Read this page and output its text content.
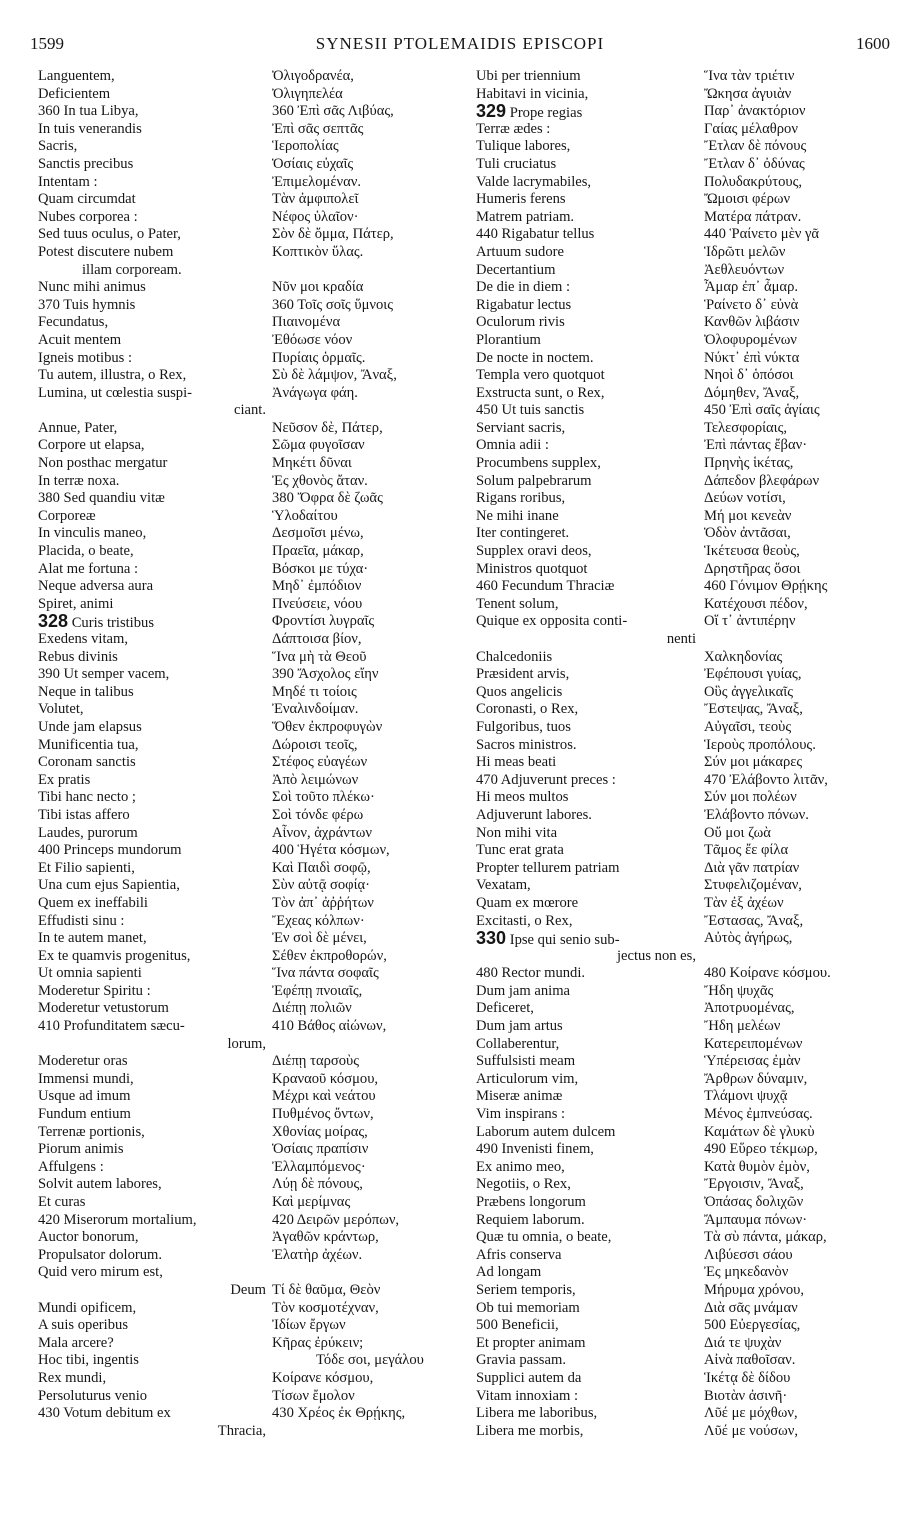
1599	SYNESII PTOLEMAIDIS EPISCOPI	1600
Languentem,
Deficientem
360 In tua Libya,
In tuis venerandis
Sacris,
Sanctis precibus
Intentam :
Quam circumdat
Nubes corporea :
Sed tuus oculus, o Pater,
Potest discutere nubem
illam corpoream.
Nunc mihi animus
370 Tuis hymnis
Fecundatus,
Acuit mentem
Igneis motibus :
Tu autem, illustra, o Rex,
Lumina, ut cœlestia suspi-
ciant.
Annue, Pater,
Corpore ut elapsa,
Non posthac mergatur
In terræ noxa.
380 Sed quandiu vitæ
Corporeæ
In vinculis maneo,
Placida, o beate,
Alat me fortuna :
Neque adversa aura
Spiret, animi
328 Curis tristibus
Exedens vitam,
Rebus divinis
390 Ut semper vacem,
Neque in talibus
Volutet,
Unde jam elapsus
Munificentia tua,
Coronam sanctis
Ex pratis
Tibi hanc necto ;
Tibi istas affero
Laudes, purorum
400 Princeps mundorum
Et Filio sapienti,
Una cum ejus Sapientia,
Quem ex ineffabili
Effudisti sinu :
In te autem manet,
Ex te quamvis progenitus,
Ut omnia sapienti
Moderetur Spiritu :
Moderetur vetustorum
410 Profunditatem sæcu-
lorum,
Moderetur oras
Immensi mundi,
Usque ad imum
Fundum entium
Terrenæ portionis,
Piorum animis
Affulgens :
Solvit autem labores,
Et curas
420 Miserorum mortalium,
Auctor bonorum,
Propulsator dolorum.
Quid vero mirum est,
Deum
Mundi opificem,
A suis operibus
Mala arcere?
Hoc tibi, ingentis
Rex mundi,
Persoluturus venio
430 Votum debitum ex
Thracia,
Ὀλιγοδρανέα,
Ὀλιγηπελέα
360 Ἐπὶ σᾶς Λιβύας,
Ἐπὶ σᾶς σεπτᾶς
Ἱεροπολίας
Ὁσίαις εὐχαῖς
Ἐπιμελομέναν.
Τὰν ἀμφιπολεῖ
Νέφος ὑλαῖον·
Σὸν δὲ ὄμμα, Πάτερ,
Κοπτικὸν ὕλας.
Νῦν μοι κραδία
360 Τοῖς σοῖς ὕμνοις
Πιαινομένα
Ἐθόωσε νόον
Πυρίαις ὁρμαῖς.
Σὺ δὲ λάμψον, Ἄναξ,
Ἀνάγωγα φάη.
Νεῦσον δὲ, Πάτερ,
Σῶμα φυγοῖσαν
Μηκέτι δῦναι
Ἐς χθονὸς ἄταν.
380 Ὄφρα δὲ ζωᾶς
Ὑλοδαίτου
Δεσμοῖσι μένω,
Πραεῖα, μάκαρ,
Βόσκοι με τύχα·
Μηδ᾽ ἐμπόδιον
Πνεύσειε, νόου
Φροντίσι λυγραῖς
Δάπτοισα βίον,
Ἵνα μὴ τὰ Θεοῦ
390 Ἄσχολος εἴην
Μηδέ τι τοίοις
Ἐναλινδοίμαν.
Ὅθεν ἐκπροφυγὼν
Δώροισι τεοῖς,
Στέφος εὐαγέων
Ἀπὸ λειμώνων
Σοὶ τοῦτο πλέκω·
Σοὶ τόνδε φέρω
Αἶνον, ἀχράντων
400 Ἡγέτα κόσμων,
Καὶ Παιδὶ σοφῷ,
Σὺν αὐτᾷ σοφίᾳ·
Τὸν ἀπ᾽ ἀῤῥήτων
Ἔχεας κόλπων·
Ἐν σοὶ δὲ μένει,
Σέθεν ἐκπροθορών,
Ἵνα πάντα σοφαῖς
Ἐφέπῃ πνοιαῖς,
Διέπῃ πολιῶν
410 Βάθος αἰώνων,
Διέπῃ ταρσοὺς
Κραναοῦ κόσμου,
Μέχρι καὶ νεάτου
Πυθμένος ὄντων,
Χθονίας μοίρας,
Ὁσίαις πραπίσιν
Ἐλλαμπόμενος·
Λύῃ δὲ πόνους,
Καὶ μερίμνας
420 Δειρῶν μερόπων,
Ἀγαθῶν κράντωρ,
Ἐλατὴρ ἀχέων.
Τί δὲ θαῦμα, Θεὸν
Τὸν κοσμοτέχναν,
Ἰδίων ἔργων
Κῆρας ἐρύκειν;
Τόδε σοι, μεγάλου
Κοίρανε κόσμου,
Τίσων ἔμολον
430 Χρέος ἐκ Θρῄκης,
Ubi per triennium
Habitavi in vicinia,
329 Prope regias
Terræ ædes :
Tulique labores,
Tuli cruciatus
Valde lacrymabiles,
Humeris ferens
Matrem patriam.
440 Rigabatur tellus
Artuum sudore
Decertantium
De die in diem :
Rigabatur lectus
Oculorum rivis
Plorantium
De nocte in noctem.
Templa vero quotquot
Exstructa sunt, o Rex,
450 Ut tuis sanctis
Serviant sacris,
Omnia adii :
Procumbens supplex,
Solum palpebrarum
Rigans roribus,
Ne mihi inane
Iter contingeret.
Supplex oravi deos,
Ministros quotquot
460 Fecundum Thraciæ
Tenent solum,
Quique ex opposita conti-
nenti
Chalcedoniis
Præsident arvis,
Quos angelicis
Coronasti, o Rex,
Fulgoribus, tuos
Sacros ministros.
Hi meas beati
470 Adjuverunt preces :
Hi meos multos
Adjuverunt labores.
Non mihi vita
Tunc erat grata
Propter tellurem patriam
Vexatam,
Quam ex mœrore
Excitasti, o Rex,
330 Ipse qui senio sub-
jectus non es,
480 Rector mundi.
Dum jam anima
Deficeret,
Dum jam artus
Collaberentur,
Suffulsisti meam
Articulorum vim,
Miseræ animæ
Vim inspirans :
Laborum autem dulcem
490 Invenisti finem,
Ex animo meo,
Negotiis, o Rex,
Præbens longorum
Requiem laborum.
Quæ tu omnia, o beate,
Afris conserva
Ad longam
Seriem temporis,
Ob tui memoriam
500 Beneficii,
Et propter animam
Gravia passam.
Supplici autem da
Vitam innoxiam :
Libera me laboribus,
Libera me morbis,
Ἵνα τὰν τριέτιν
Ὤκησα ἀγυιὰν
Παρ᾽ ἀνακτόριον
Γαίας μέλαθρον
Ἔτλαν δὲ πόνους
Ἔτλαν δ᾽ ὀδύνας
Πολυδακρύτους,
Ὤμοισι φέρων
Ματέρα πάτραν.
440 Ῥαίνετο μὲν γᾶ
Ἱδρῶτι μελῶν
Ἀεθλευόντων
Ἆμαρ ἐπ᾽ ἆμαρ.
Ῥαίνετο δ᾽ εὐνὰ
Κανθῶν λιβάσιν
Ὀλοφυρομένων
Νύκτ᾽ ἐπὶ νύκτα
Νηοὶ δ᾽ ὁπόσοι
Δόμηθεν, Ἄναξ,
450 Ἐπὶ σαῖς ἁγίαις
Τελεσφορίαις,
Ἐπὶ πάντας ἔβαν·
Πρηνὴς ἱκέτας,
Δάπεδον βλεφάρων
Δεύων νοτίσι,
Μή μοι κενεὰν
Ὁδὸν ἀντᾶσαι,
Ἱκέτευσα θεοὺς,
Δρηστῆρας ὅσοι
460 Γόνιμον Θρῄκης
Κατέχουσι πέδον,
Οἵ τ᾽ ἀντιπέρην
Χαλκηδονίας
Ἐφέπουσι γυίας,
Οὓς ἀγγελικαῖς
Ἔστεψας, Ἄναξ,
Αὐγαῖσι, τεοὺς
Ἱεροὺς προπόλους.
Σύν μοι μάκαρες
470 Ἐλάβοντο λιτᾶν,
Σύν μοι πολέων
Ἐλάβοντο πόνων.
Οὔ μοι ζωὰ
Τᾶμος ἔε φίλα
Διὰ γᾶν πατρίαν
Στυφελιζομέναν,
Τὰν ἐξ ἀχέων
Ἔστασας, Ἄναξ,
Αὐτὸς ἀγήρως,
480 Κοίρανε κόσμου.
Ἤδη ψυχᾶς
Ἀποτρυομένας,
Ἤδη μελέων
Κατερειπομένων
Ὑπέρεισας ἐμὰν
Ἄρθρων δύναμιν,
Τλάμονι ψυχᾷ
Μένος ἐμπνεύσας.
Καμάτων δὲ γλυκὺ
490 Εὕρεο τέκμωρ,
Κατὰ θυμὸν ἐμὸν,
Ἔργοισιν, Ἄναξ,
Ὀπάσας δολιχῶν
Ἄμπαυμα πόνων·
Τὰ σὺ πάντα, μάκαρ,
Λιβύεσσι σάου
Ἐς μηκεδανὸν
Μήρυμα χρόνου,
Διὰ σᾶς μνάμαν
500 Εὐεργεσίας,
Διά τε ψυχὰν
Αἰνὰ παθοῖσαν.
Ἱκέτᾳ δὲ δίδου
Βιοτὰν ἀσινῆ·
Λῦέ με μόχθων,
Λῦέ με νούσων,
